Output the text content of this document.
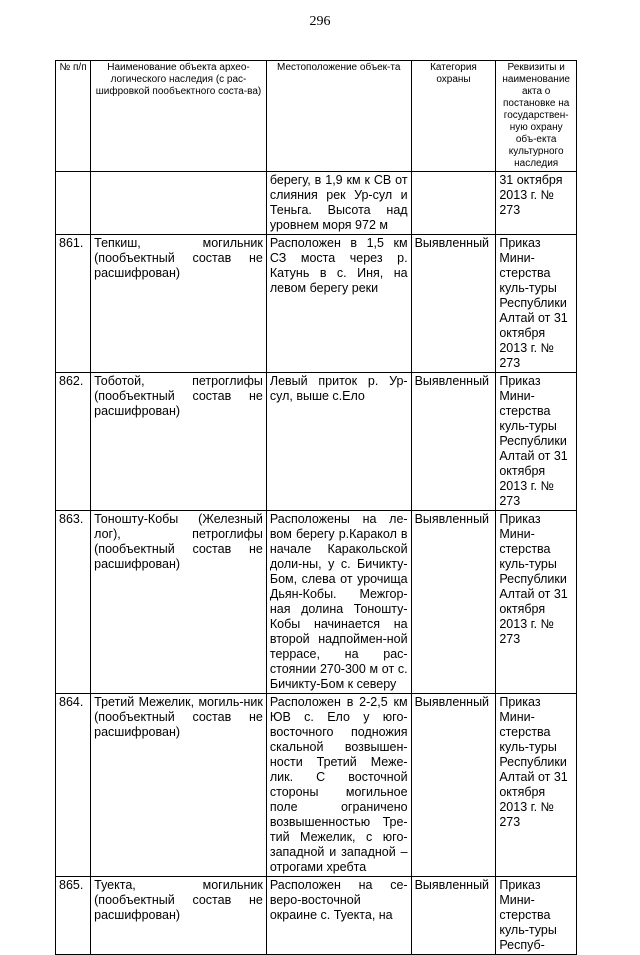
296
№ п/п	Наименование объекта архео-логического наследия (с рас-шифровкой пообъектного соста-ва)	Местоположение объек-та	Категория охраны	Реквизиты и наименование акта о постановке на государствен-ную охрану объ-екта культурного наследия
		берегу, в 1,9 км к СВ от слияния рек Ур-сул и Теньга. Высота над уровнем моря 972 м		31 октября 2013 г. № 273
861.	Тепкиш, могильник (пообъектный состав не расшифрован)	Расположен в 1,5 км СЗ моста через р. Катунь в с. Иня, на левом берегу реки	Выявленный	Приказ Мини-стерства куль-туры Республики Алтай от 31 октября 2013 г. № 273
862.	Тоботой, петроглифы (пообъектный состав не расшифрован)	Левый приток р. Ур-сул, выше с.Ело	Выявленный	Приказ Мини-стерства куль-туры Республики Алтай от 31 октября 2013 г. № 273
863.	Тоношту-Кобы (Железный лог), петроглифы (пообъектный состав не расшифрован)	Расположены на ле-вом берегу р.Каракол в начале Каракольской доли-ны, у с. Бичикту-Бом, слева от урочища Дьян-Кобы. Межгор-ная долина Тоношту-Кобы начинается на второй надпоймен-ной террасе, на рас-стоянии 270-300 м от с. Бичикту-Бом к северу	Выявленный	Приказ Мини-стерства куль-туры Республики Алтай от 31 октября 2013 г. № 273
864.	Третий Межелик, могиль-ник (пообъектный состав не расшифрован)	Расположен в 2-2,5 км ЮВ с. Ело у юго-восточного подножия скальной возвышен-ности Третий Меже-лик. С восточной стороны могильное поле ограничено возвышенностью Тре-тий Межелик, с юго-западной и западной – отрогами хребта	Выявленный	Приказ Мини-стерства куль-туры Республики Алтай от 31 октября 2013 г. № 273
865.	Туекта, могильник (пообъектный состав не расшифрован)	Расположен на се-веро-восточной окраине с. Туекта, на	Выявленный	Приказ Мини-стерства куль-туры Респуб-
